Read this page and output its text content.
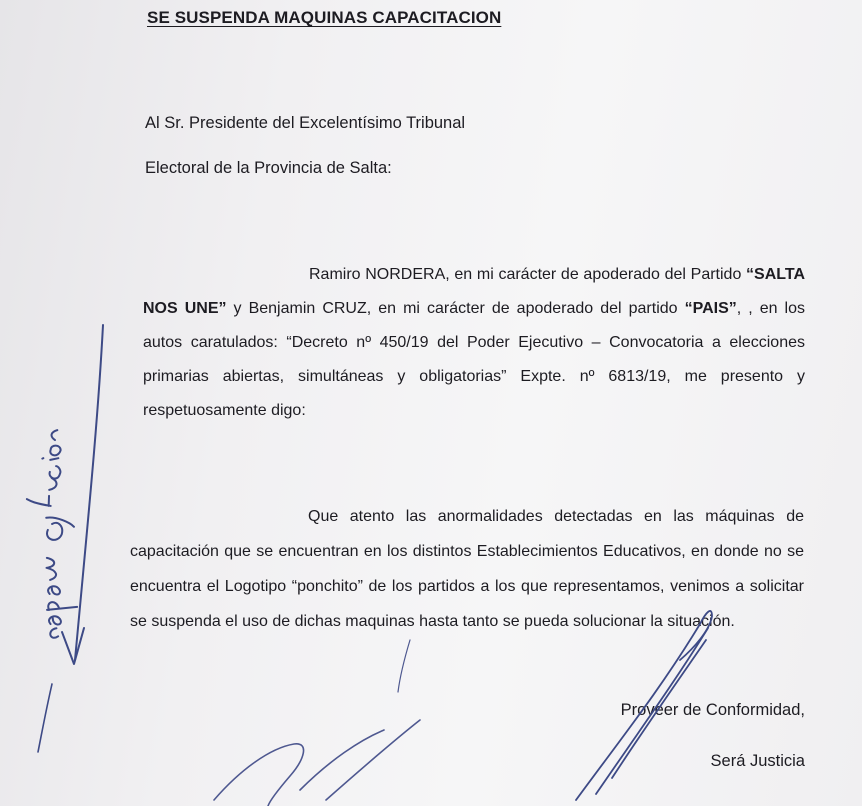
SE SUSPENDA MAQUINAS CAPACITACION
Al Sr. Presidente del Excelentísimo Tribunal
Electoral de la Provincia de Salta:

Ramiro NORDERA, en mi carácter de apoderado del Partido “SALTA NOS UNE” y Benjamin CRUZ, en mi carácter de apoderado del partido “PAIS”, , en los autos caratulados: “Decreto nº 450/19 del Poder Ejecutivo – Convocatoria a elecciones primarias abiertas, simultáneas y obligatorias” Expte. nº 6813/19, me presento y respetuosamente digo:

Que atento las anormalidades detectadas en las máquinas de capacitación que se encuentran en los distintos Establecimientos Educativos, en donde no se encuentra el Logotipo “ponchito” de los partidos a los que representamos, venimos a solicitar se suspenda el uso de dichas maquinas hasta tanto se pueda solucionar la situación.

Proveer de Conformidad,
Será Justicia
